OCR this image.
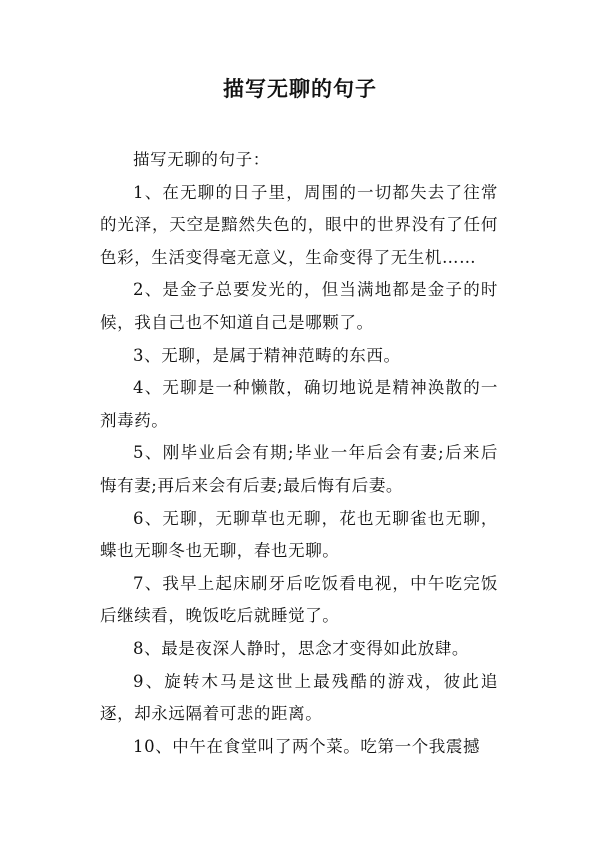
描写无聊的句子

描写无聊的句子：

1、在无聊的日子里，周围的一切都失去了往常的光泽，天空是黯然失色的，眼中的世界没有了任何色彩，生活变得毫无意义，生命变得了无生机……

2、是金子总要发光的，但当满地都是金子的时候，我自己也不知道自己是哪颗了。

3、无聊，是属于精神范畴的东西。

4、无聊是一种懒散，确切地说是精神涣散的一剂毒药。

5、刚毕业后会有期;毕业一年后会有妻;后来后悔有妻;再后来会有后妻;最后悔有后妻。

6、无聊，无聊草也无聊，花也无聊雀也无聊，蝶也无聊冬也无聊，春也无聊。

7、我早上起床刷牙后吃饭看电视，中午吃完饭后继续看，晚饭吃后就睡觉了。

8、最是夜深人静时，思念才变得如此放肆。

9、旋转木马是这世上最残酷的游戏，彼此追逐，却永远隔着可悲的距离。

10、中午在食堂叫了两个菜。吃第一个我震撼
